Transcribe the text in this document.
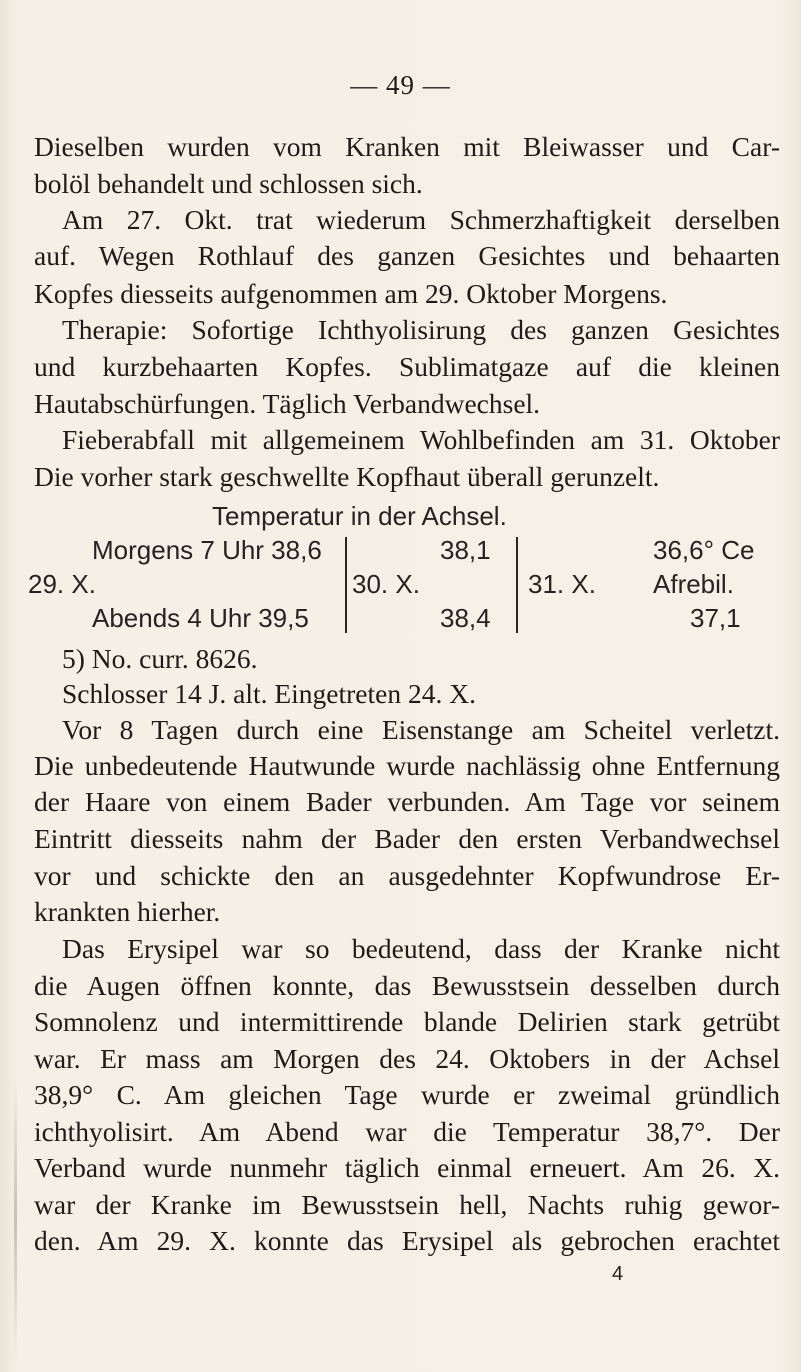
— 49 —
Dieselben wurden vom Kranken mit Bleiwasser und Car-
bolöl behandelt und schlossen sich.
Am 27. Okt. trat wiederum Schmerzhaftigkeit derselben
auf. Wegen Rothlauf des ganzen Gesichtes und behaarten
Kopfes diesseits aufgenommen am 29. Oktober Morgens.
Therapie: Sofortige Ichthyolisirung des ganzen Gesichtes
und kurzbehaarten Kopfes. Sublimatgaze auf die kleinen
Hautabschürfungen. Täglich Verbandwechsel.
Fieberabfall mit allgemeinem Wohlbefinden am 31. Oktober
Die vorher stark geschwellte Kopfhaut überall gerunzelt.
Temperatur in der Achsel.
Morgens 7 Uhr 38,6
29. X.
Abends 4 Uhr 39,5
38,1
30. X.
38,4
36,6° Ce
31. X. Afrebil.
37,1
5) No. curr. 8626.
Schlosser 14 J. alt. Eingetreten 24. X.
Vor 8 Tagen durch eine Eisenstange am Scheitel verletzt.
Die unbedeutende Hautwunde wurde nachlässig ohne Entfernung
der Haare von einem Bader verbunden. Am Tage vor seinem
Eintritt diesseits nahm der Bader den ersten Verbandwechsel
vor und schickte den an ausgedehnter Kopfwundrose Er-
krankten hierher.
Das Erysipel war so bedeutend, dass der Kranke nicht
die Augen öffnen konnte, das Bewusstsein desselben durch
Somnolenz und intermittirende blande Delirien stark getrübt
war. Er mass am Morgen des 24. Oktobers in der Achsel
38,9° C. Am gleichen Tage wurde er zweimal gründlich
ichthyolisirt. Am Abend war die Temperatur 38,7°. Der
Verband wurde nunmehr täglich einmal erneuert. Am 26. X.
war der Kranke im Bewusstsein hell, Nachts ruhig gewor-
den. Am 29. X. konnte das Erysipel als gebrochen erachtet
4
